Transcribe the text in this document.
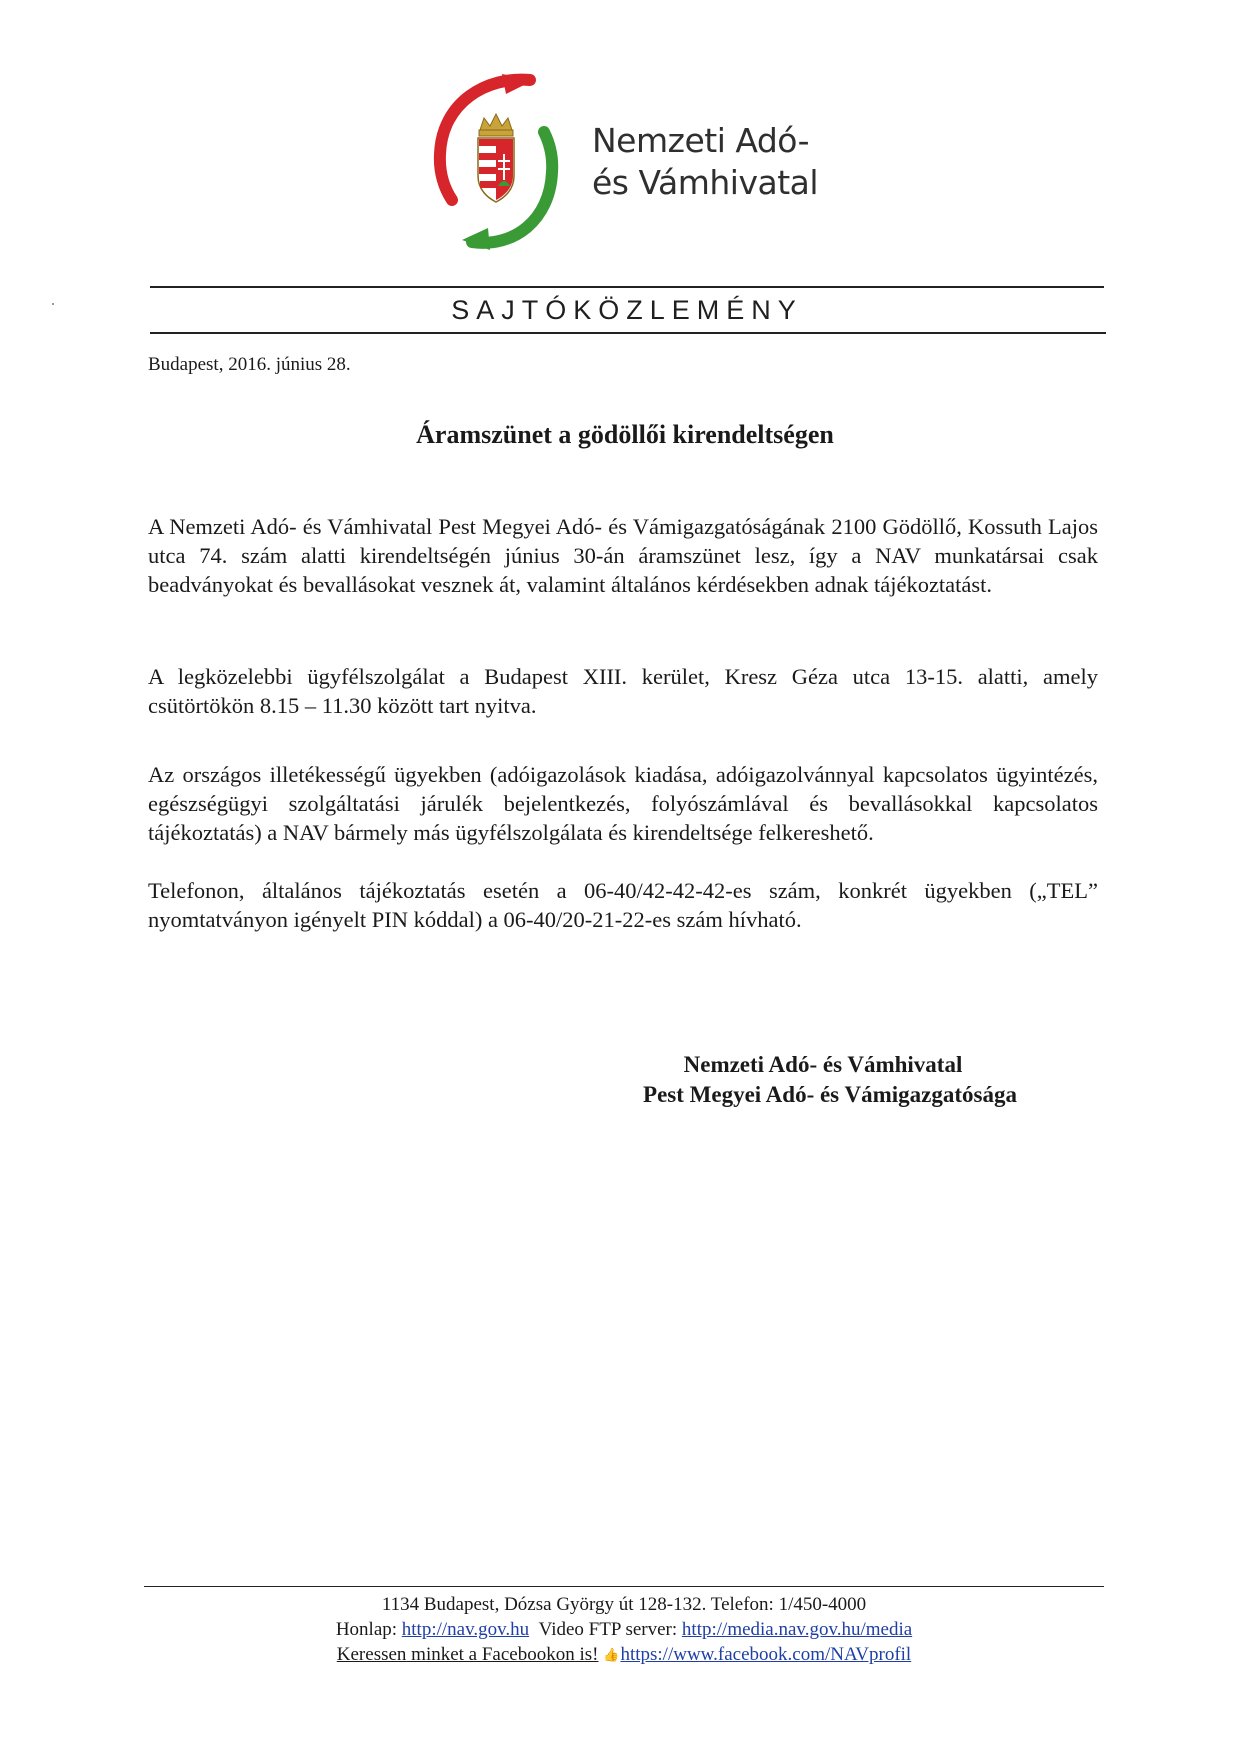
Nemzeti Adó-
és Vámhivatal
SAJTÓKÖZLEMÉNY
Budapest, 2016. június 28.
Áramszünet a gödöllői kirendeltségen

A Nemzeti Adó- és Vámhivatal Pest Megyei Adó- és Vámigazgatóságának 2100 Gödöllő, Kossuth Lajos utca 74. szám alatti kirendeltségén június 30-án áramszünet lesz, így a NAV munkatársai csak beadványokat és bevallásokat vesznek át, valamint általános kérdésekben adnak tájékoztatást.

A legközelebbi ügyfélszolgálat a Budapest XIII. kerület, Kresz Géza utca 13-15. alatti, amely csütörtökön 8.15 – 11.30 között tart nyitva.

Az országos illetékességű ügyekben (adóigazolások kiadása, adóigazolvánnyal kapcsolatos ügyintézés, egészségügyi szolgáltatási járulék bejelentkezés, folyószámlával és bevallásokkal kapcsolatos tájékoztatás) a NAV bármely más ügyfélszolgálata és kirendeltsége felkereshető.

Telefonon, általános tájékoztatás esetén a 06-40/42-42-42-es szám, konkrét ügyekben („TEL” nyomtatványon igényelt PIN kóddal) a 06-40/20-21-22-es szám hívható.

Nemzeti Adó- és Vámhivatal
Pest Megyei Adó- és Vámigazgatósága
1134 Budapest, Dózsa György út 128-132. Telefon: 1/450-4000
Honlap: http://nav.gov.hu Video FTP server: http://media.nav.gov.hu/media
Keressen minket a Facebookon is! 👍https://www.facebook.com/NAVprofil
